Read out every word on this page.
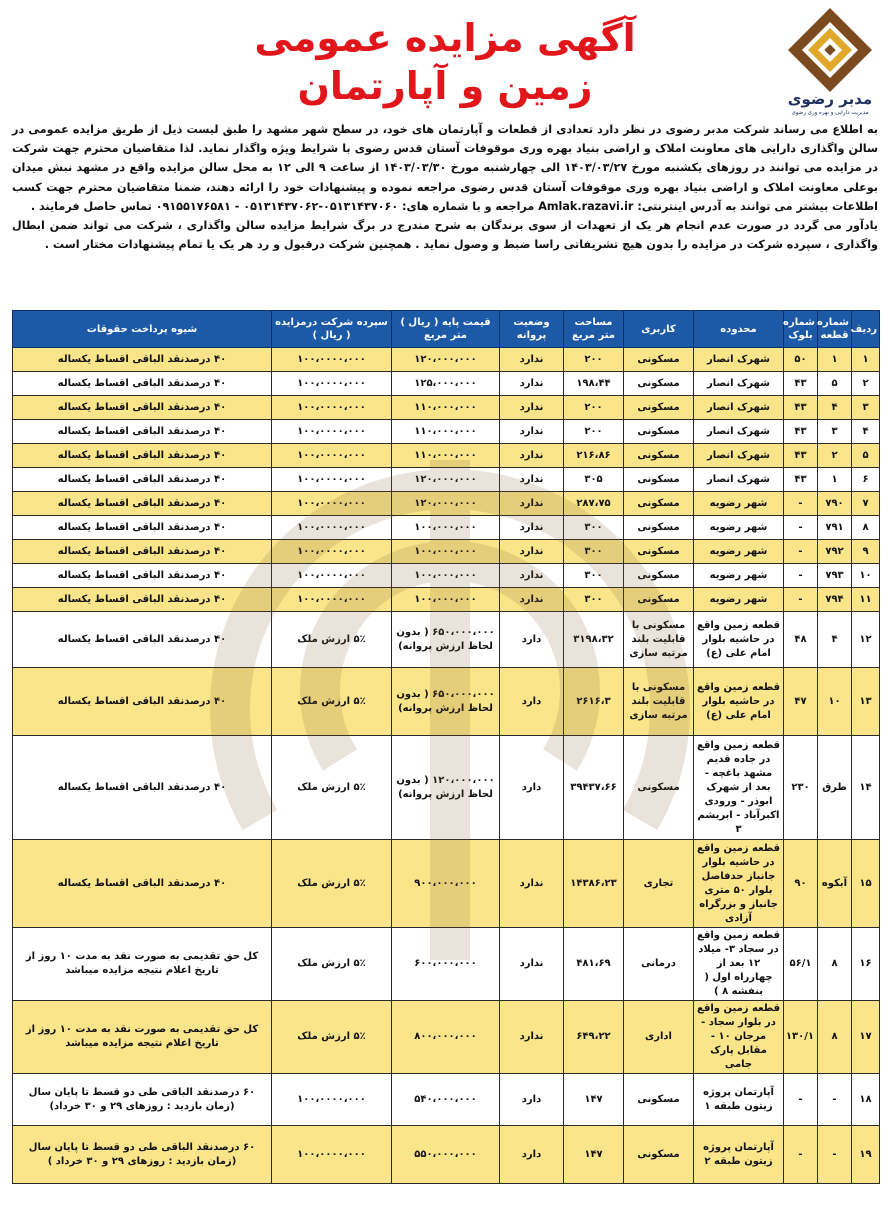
مدبر رضوی
مدیریت دارایی و بهره وری رضوی
آگهی مزایده عمومی
زمین و آپارتمان

به اطلاع می رساند شرکت مدبر رضوی در نظر دارد تعدادی از قطعات و آپارتمان های خود، در سطح شهر مشهد را طبق لیست ذیل از طریق مزایده عمومی در سالن واگذاری دارایی های معاونت املاک و اراضی بنیاد بهره وری موقوفات آستان قدس رضوی با شرایط ویژه واگذار نماید. لذا متقاضیان محترم جهت شرکت در مزایده می توانند در روزهای یکشنبه مورخ ۱۴۰۳/۰۳/۲۷ الی چهارشنبه مورخ ۱۴۰۳/۰۳/۳۰ از ساعت ۹ الی ۱۲ به محل سالن مزایده واقع در مشهد نبش میدان بوعلی معاونت املاک و اراضی بنیاد بهره وری موقوفات آستان قدس رضوی مراجعه نموده و پیشنهادات خود را ارائه دهند، ضمنا متقاضیان محترم جهت کسب اطلاعات بیشتر می توانند به آدرس اینترنتی: Amlak.razavi.ir مراجعه و با شماره های: ۰۵۱۳۱۴۳۷۰۶۰-۰۵۱۳۱۴۳۷۰۶۲ - ۰۹۱۵۵۱۷۶۵۸۱ تماس حاصل فرمایند .

یادآور می گردد در صورت عدم انجام هر یک از تعهدات از سوی برندگان به شرح مندرج در برگ شرایط مزایده سالن واگذاری ، شرکت می تواند ضمن ابطال واگذاری ، سپرده شرکت در مزایده را بدون هیچ تشریفاتی راسا ضبط و وصول نماید . همچنین شرکت درقبول و رد هر یک یا تمام پیشنهادات مختار است .

ردیف	شماره قطعه	شماره بلوک	محدوده	کاربری	مساحت متر مربع	وضعیت پروانه	قیمت پایه ( ریال ) متر مربع	سپرده شرکت درمزایده ( ریال )	شیوه پرداخت حقوقات
۱	۱	۵۰	شهرک انصار	مسکونی	۲۰۰	ندارد	۱۲۰،۰۰۰،۰۰۰	۱۰۰،۰۰۰۰،۰۰۰	۴۰ درصدنقد الباقی اقساط یکساله
۲	۵	۴۳	شهرک انصار	مسکونی	۱۹۸،۴۴	ندارد	۱۲۵،۰۰۰،۰۰۰	۱۰۰،۰۰۰۰،۰۰۰	۴۰ درصدنقد الباقی اقساط یکساله
۳	۴	۴۳	شهرک انصار	مسکونی	۲۰۰	ندارد	۱۱۰،۰۰۰،۰۰۰	۱۰۰،۰۰۰۰،۰۰۰	۴۰ درصدنقد الباقی اقساط یکساله
۴	۳	۴۳	شهرک انصار	مسکونی	۲۰۰	ندارد	۱۱۰،۰۰۰،۰۰۰	۱۰۰،۰۰۰۰،۰۰۰	۴۰ درصدنقد الباقی اقساط یکساله
۵	۲	۴۳	شهرک انصار	مسکونی	۲۱۶،۸۶	ندارد	۱۱۰،۰۰۰،۰۰۰	۱۰۰،۰۰۰۰،۰۰۰	۴۰ درصدنقد الباقی اقساط یکساله
۶	۱	۴۳	شهرک انصار	مسکونی	۳۰۵	ندارد	۱۲۰،۰۰۰،۰۰۰	۱۰۰،۰۰۰۰،۰۰۰	۴۰ درصدنقد الباقی اقساط یکساله
۷	۷۹۰	-	شهر رضویه	مسکونی	۲۸۷،۷۵	ندارد	۱۲۰،۰۰۰،۰۰۰	۱۰۰،۰۰۰۰،۰۰۰	۴۰ درصدنقد الباقی اقساط یکساله
۸	۷۹۱	-	شهر رضویه	مسکونی	۳۰۰	ندارد	۱۰۰،۰۰۰،۰۰۰	۱۰۰،۰۰۰۰،۰۰۰	۴۰ درصدنقد الباقی اقساط یکساله
۹	۷۹۲	-	شهر رضویه	مسکونی	۳۰۰	ندارد	۱۰۰،۰۰۰،۰۰۰	۱۰۰،۰۰۰۰،۰۰۰	۴۰ درصدنقد الباقی اقساط یکساله
۱۰	۷۹۳	-	شهر رضویه	مسکونی	۳۰۰	ندارد	۱۰۰،۰۰۰،۰۰۰	۱۰۰،۰۰۰۰،۰۰۰	۴۰ درصدنقد الباقی اقساط یکساله
۱۱	۷۹۴	-	شهر رضویه	مسکونی	۳۰۰	ندارد	۱۰۰،۰۰۰،۰۰۰	۱۰۰،۰۰۰۰،۰۰۰	۴۰ درصدنقد الباقی اقساط یکساله
۱۲	۴	۴۸	قطعه زمین واقع در حاشیه بلوار امام علی (ع)	مسکونی با قابلیت بلند مرتبه سازی	۳۱۹۸،۳۲	دارد	۶۵۰،۰۰۰،۰۰۰ ( بدون لحاظ ارزش پروانه)	۵٪ ارزش ملک	۴۰ درصدنقد الباقی اقساط یکساله
۱۳	۱۰	۴۷	قطعه زمین واقع در حاشیه بلوار امام علی (ع)	مسکونی با قابلیت بلند مرتبه سازی	۲۶۱۶،۳	دارد	۶۵۰،۰۰۰،۰۰۰ ( بدون لحاظ ارزش پروانه)	۵٪ ارزش ملک	۴۰ درصدنقد الباقی اقساط یکساله
۱۴	طرق	۲۳۰	قطعه زمین واقع در جاده قدیم مشهد باغچه - بعد از شهرک ابوذر - ورودی اکبرآباد - ابریشم ۳	مسکونی	۳۹۴۳۷،۶۶	دارد	۱۲۰،۰۰۰،۰۰۰ ( بدون لحاظ ارزش پروانه)	۵٪ ارزش ملک	۴۰ درصدنقد الباقی اقساط یکساله
۱۵	آبکوه	۹۰	قطعه زمین واقع در حاشیه بلوار جانباز حدفاصل بلوار ۵۰ متری جانباز و بزرگراه آزادی	تجاری	۱۴۳۸۶،۲۳	ندارد	۹۰۰،۰۰۰،۰۰۰	۵٪ ارزش ملک	۴۰ درصدنقد الباقی اقساط یکساله
۱۶	۸	۵۶/۱	قطعه زمین واقع در سجاد ۳- میلاد ۱۲ بعد از چهارراه اول ( بنفشه ۸ )	درمانی	۴۸۱،۶۹	ندارد	۶۰۰،۰۰۰،۰۰۰	۵٪ ارزش ملک	کل حق تقدیمی به صورت نقد به مدت ۱۰ روز از تاریخ اعلام نتیجه مزایده میباشد
۱۷	۸	۱۳۰/۱	قطعه زمین واقع در بلوار سجاد - مرجان ۱۰ - مقابل پارک جامی	اداری	۶۴۹،۲۲	ندارد	۸۰۰،۰۰۰،۰۰۰	۵٪ ارزش ملک	کل حق تقدیمی به صورت نقد به مدت ۱۰ روز از تاریخ اعلام نتیجه مزایده میباشد
۱۸	-	-	آپارتمان پروژه زیتون طبقه ۱	مسکونی	۱۴۷	دارد	۵۴۰،۰۰۰،۰۰۰	۱۰۰،۰۰۰۰،۰۰۰	۶۰ درصدنقد الباقی طی دو قسط تا پایان سال (زمان بازدید : روزهای ۲۹ و ۳۰ خرداد)
۱۹	-	-	آپارتمان پروژه زیتون طبقه ۲	مسکونی	۱۴۷	دارد	۵۵۰،۰۰۰،۰۰۰	۱۰۰،۰۰۰۰،۰۰۰	۶۰ درصدنقد الباقی طی دو قسط تا پایان سال (زمان بازدید : روزهای ۲۹ و ۳۰ خرداد )
